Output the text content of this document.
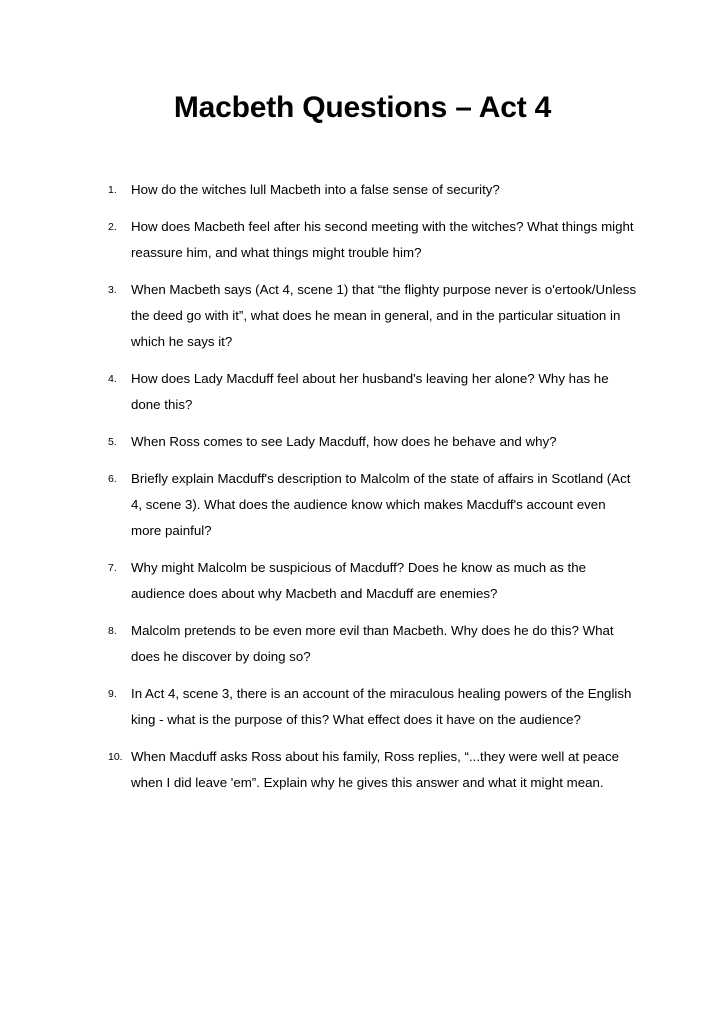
Macbeth Questions – Act 4
1. How do the witches lull Macbeth into a false sense of security?
2. How does Macbeth feel after his second meeting with the witches? What things might reassure him, and what things might trouble him?
3. When Macbeth says (Act 4, scene 1) that “the flighty purpose never is o'ertook/Unless the deed go with it”, what does he mean in general, and in the particular situation in which he says it?
4. How does Lady Macduff feel about her husband's leaving her alone? Why has he done this?
5. When Ross comes to see Lady Macduff, how does he behave and why?
6. Briefly explain Macduff's description to Malcolm of the state of affairs in Scotland (Act 4, scene 3). What does the audience know which makes Macduff's account even more painful?
7. Why might Malcolm be suspicious of Macduff? Does he know as much as the audience does about why Macbeth and Macduff are enemies?
8. Malcolm pretends to be even more evil than Macbeth. Why does he do this? What does he discover by doing so?
9. In Act 4, scene 3, there is an account of the miraculous healing powers of the English king - what is the purpose of this? What effect does it have on the audience?
10. When Macduff asks Ross about his family, Ross replies, “...they were well at peace when I did leave 'em”. Explain why he gives this answer and what it might mean.
